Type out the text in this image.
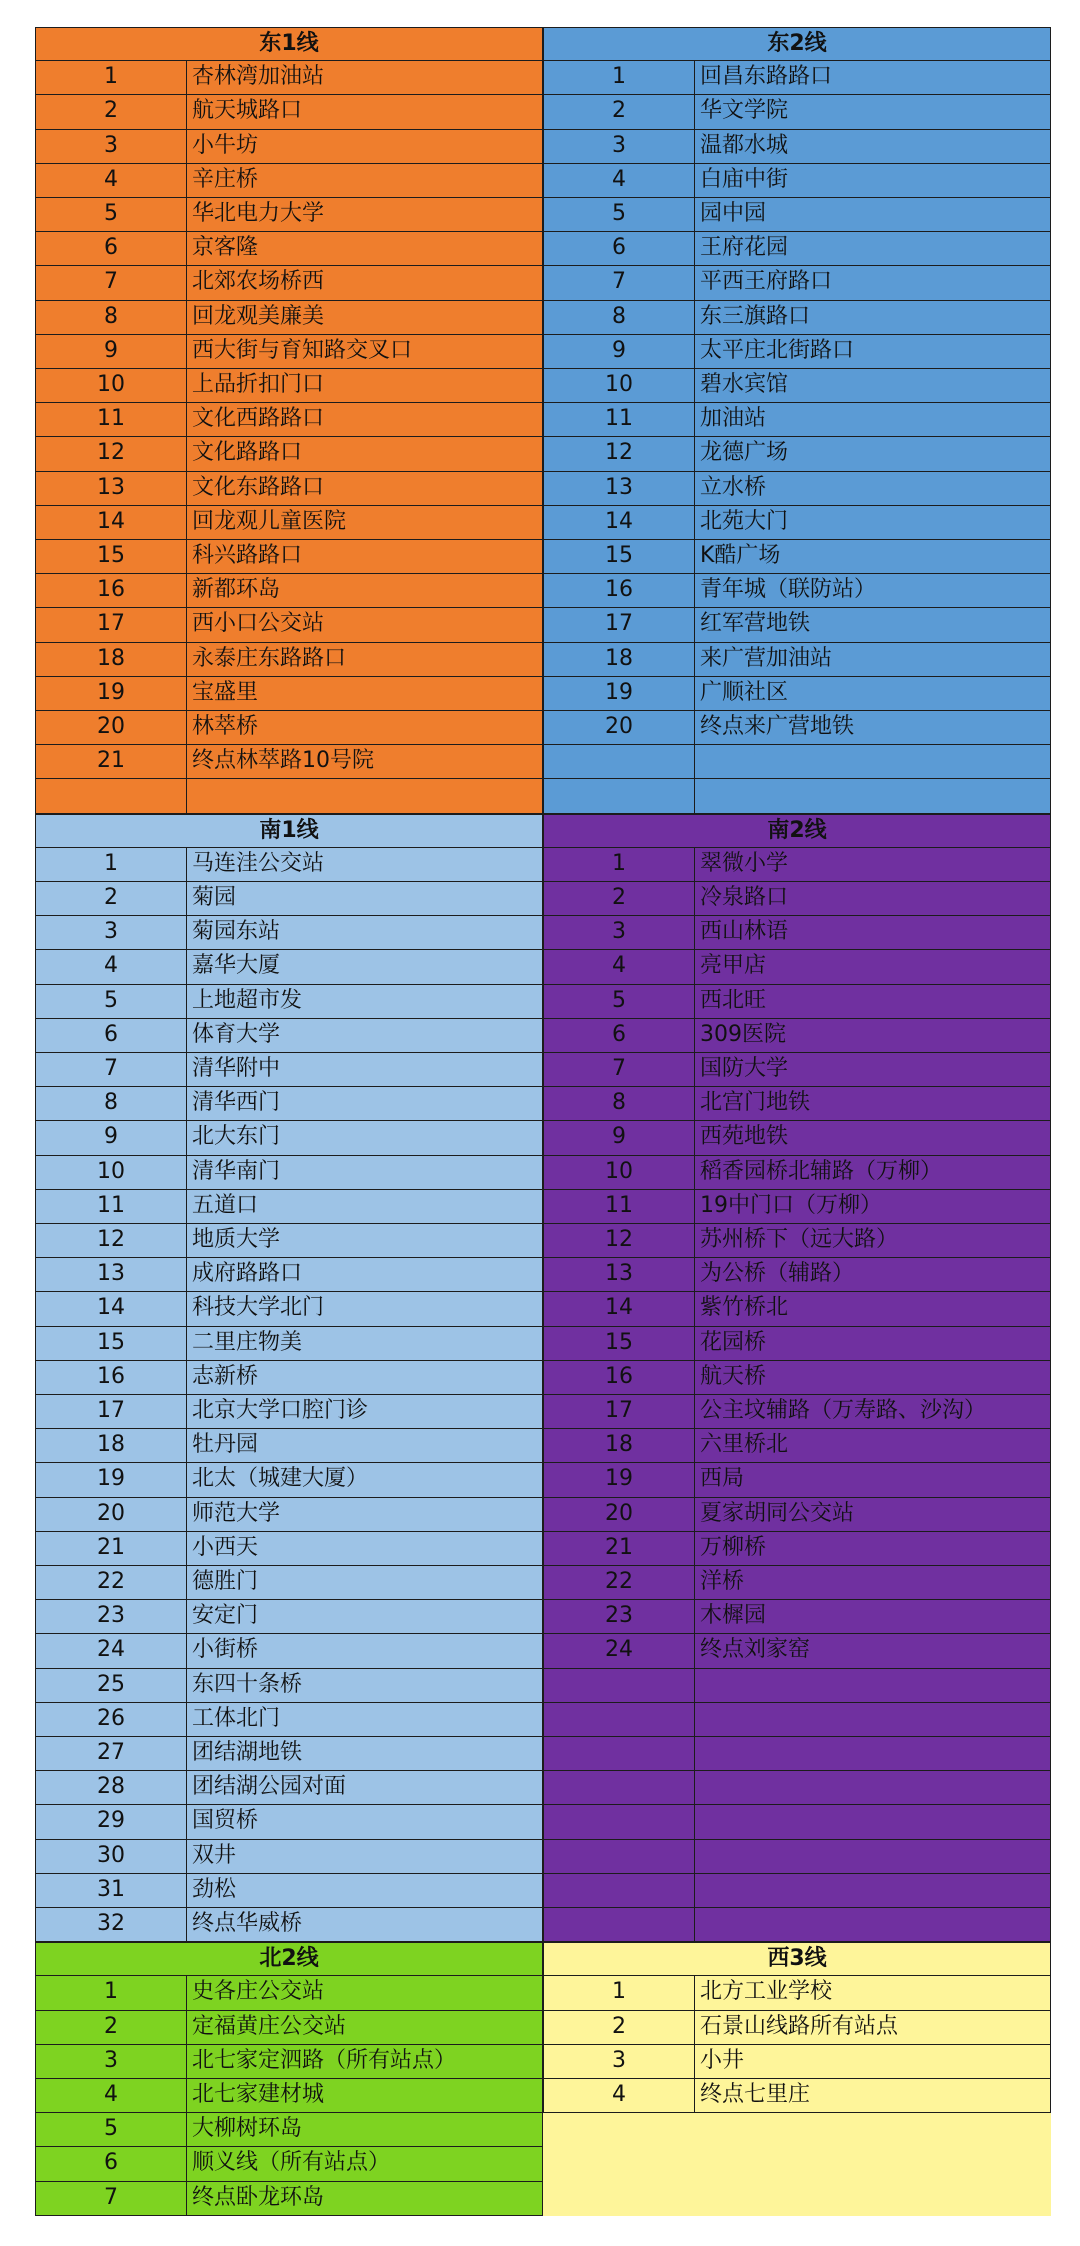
东1线
1	杏林湾加油站
2	航天城路口
3	小牛坊
4	辛庄桥
5	华北电力大学
6	京客隆
7	北郊农场桥西
8	回龙观美廉美
9	西大街与育知路交叉口
10	上品折扣门口
11	文化西路路口
12	文化路路口
13	文化东路路口
14	回龙观儿童医院
15	科兴路路口
16	新都环岛
17	西小口公交站
18	永泰庄东路路口
19	宝盛里
20	林萃桥
21	终点林萃路10号院
东2线
1	回昌东路路口
2	华文学院
3	温都水城
4	白庙中街
5	园中园
6	王府花园
7	平西王府路口
8	东三旗路口
9	太平庄北街路口
10	碧水宾馆
11	加油站
12	龙德广场
13	立水桥
14	北苑大门
15	K酷广场
16	青年城（联防站）
17	红军营地铁
18	来广营加油站
19	广顺社区
20	终点来广营地铁
南1线
1	马连洼公交站
2	菊园
3	菊园东站
4	嘉华大厦
5	上地超市发
6	体育大学
7	清华附中
8	清华西门
9	北大东门
10	清华南门
11	五道口
12	地质大学
13	成府路路口
14	科技大学北门
15	二里庄物美
16	志新桥
17	北京大学口腔门诊
18	牡丹园
19	北太（城建大厦）
20	师范大学
21	小西天
22	德胜门
23	安定门
24	小街桥
25	东四十条桥
26	工体北门
27	团结湖地铁
28	团结湖公园对面
29	国贸桥
30	双井
31	劲松
32	终点华威桥
南2线
1	翠微小学
2	冷泉路口
3	西山林语
4	亮甲店
5	西北旺
6	309医院
7	国防大学
8	北宫门地铁
9	西苑地铁
10	稻香园桥北辅路（万柳）
11	19中门口（万柳）
12	苏州桥下（远大路）
13	为公桥（辅路）
14	紫竹桥北
15	花园桥
16	航天桥
17	公主坟辅路（万寿路、沙沟）
18	六里桥北
19	西局
20	夏家胡同公交站
21	万柳桥
22	洋桥
23	木樨园
24	终点刘家窑
北2线
1	史各庄公交站
2	定福黄庄公交站
3	北七家定泗路（所有站点）
4	北七家建材城
5	大柳树环岛
6	顺义线（所有站点）
7	终点卧龙环岛
西3线
1	北方工业学校
2	石景山线路所有站点
3	小井
4	终点七里庄
